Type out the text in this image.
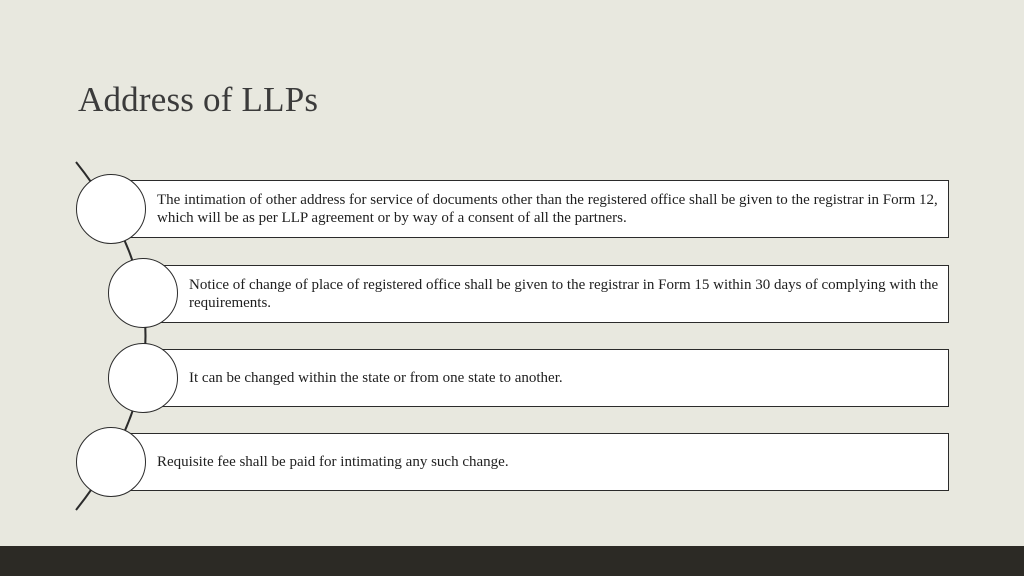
Address of LLPs
The intimation of other address for service of documents other than the registered office shall be given to the registrar in Form 12, which will be as per LLP agreement or by way of a consent of all the partners.
Notice of change of place of registered office shall be given to the registrar in Form 15 within 30 days of complying with the requirements.
It can be changed within the state or from one state to another.
Requisite fee shall be paid for intimating any such change.
